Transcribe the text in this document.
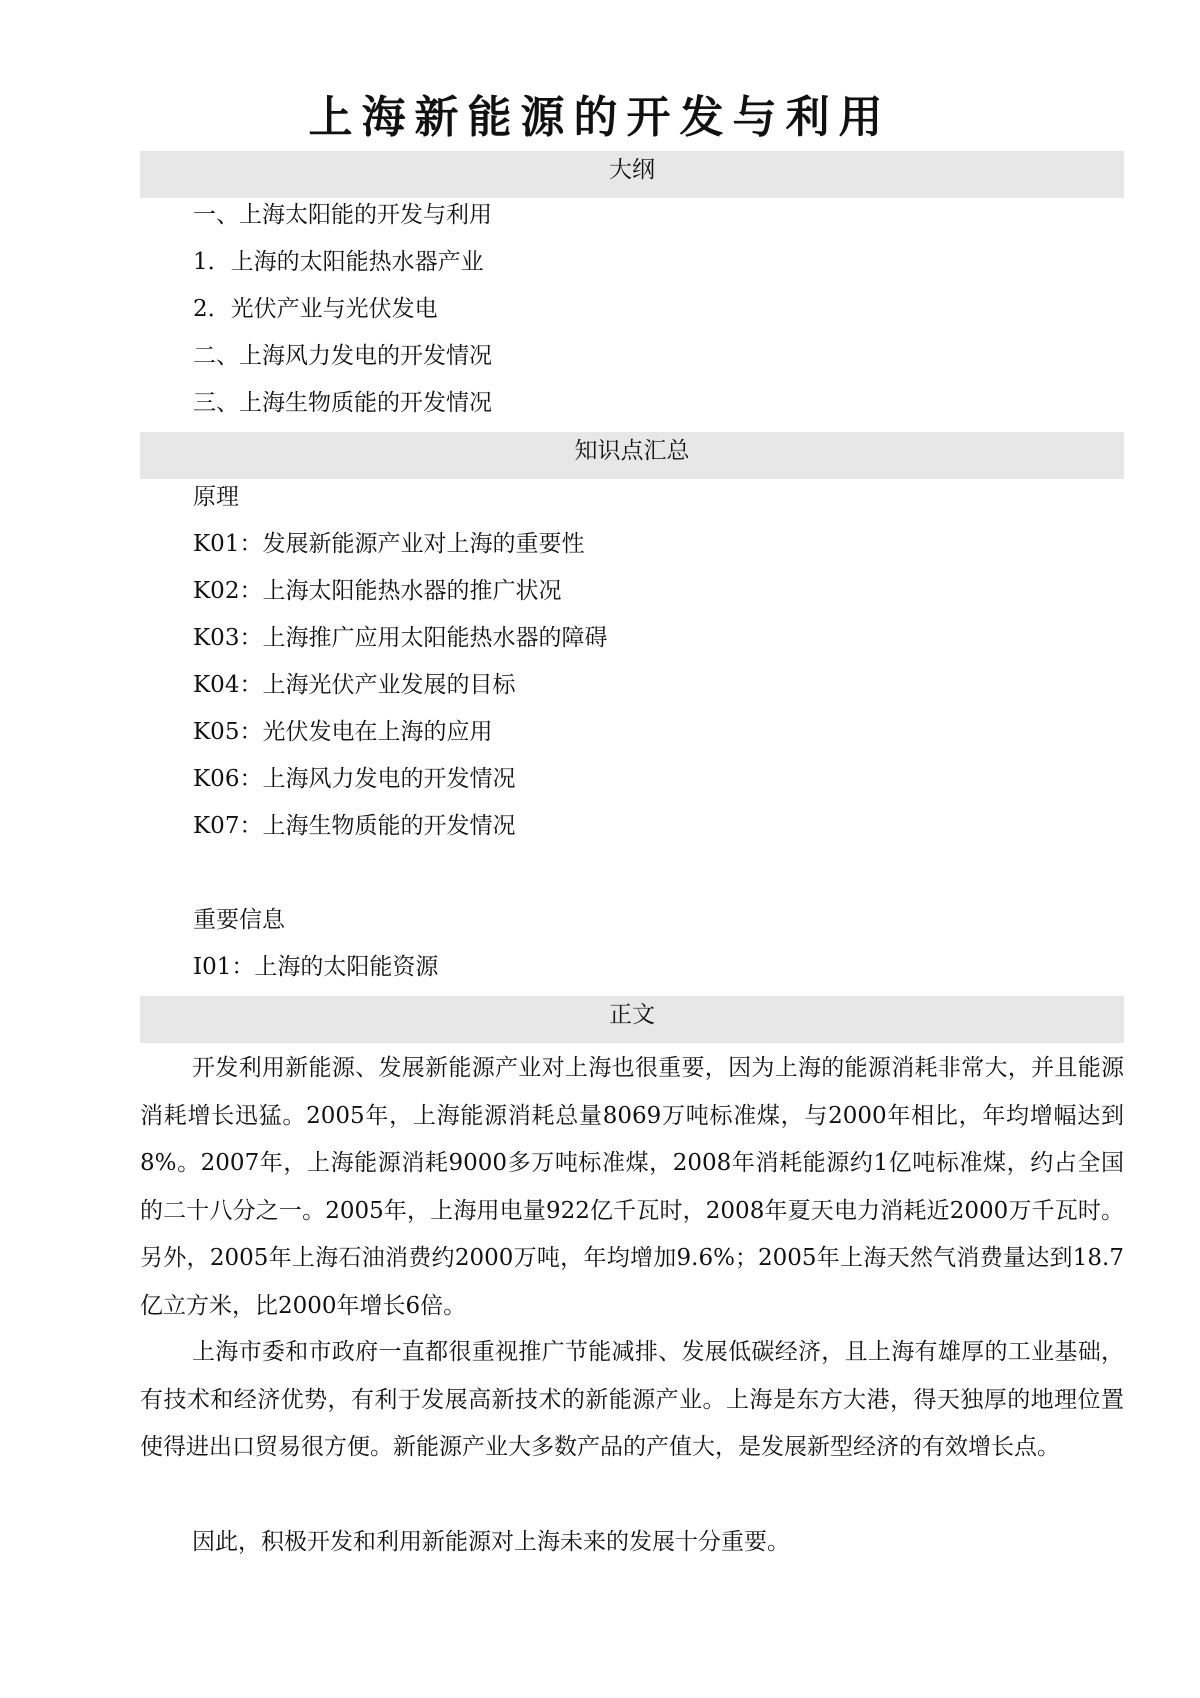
上海新能源的开发与利用
大纲
一、上海太阳能的开发与利用
1．上海的太阳能热水器产业
2．光伏产业与光伏发电
二、上海风力发电的开发情况
三、上海生物质能的开发情况
知识点汇总
原理
K01：发展新能源产业对上海的重要性
K02：上海太阳能热水器的推广状况
K03：上海推广应用太阳能热水器的障碍
K04：上海光伏产业发展的目标
K05：光伏发电在上海的应用
K06：上海风力发电的开发情况
K07：上海生物质能的开发情况
重要信息
I01：上海的太阳能资源
正文
开发利用新能源、发展新能源产业对上海也很重要，因为上海的能源消耗非常大，并且能源消耗增长迅猛。2005年，上海能源消耗总量8069万吨标准煤，与2000年相比，年均增幅达到8%。2007年，上海能源消耗9000多万吨标准煤，2008年消耗能源约1亿吨标准煤，约占全国的二十八分之一。2005年，上海用电量922亿千瓦时，2008年夏天电力消耗近2000万千瓦时。另外，2005年上海石油消费约2000万吨，年均增加9.6%；2005年上海天然气消费量达到18.7亿立方米，比2000年增长6倍。
上海市委和市政府一直都很重视推广节能减排、发展低碳经济，且上海有雄厚的工业基础，有技术和经济优势，有利于发展高新技术的新能源产业。上海是东方大港，得天独厚的地理位置使得进出口贸易很方便。新能源产业大多数产品的产值大，是发展新型经济的有效增长点。
因此，积极开发和利用新能源对上海未来的发展十分重要。
